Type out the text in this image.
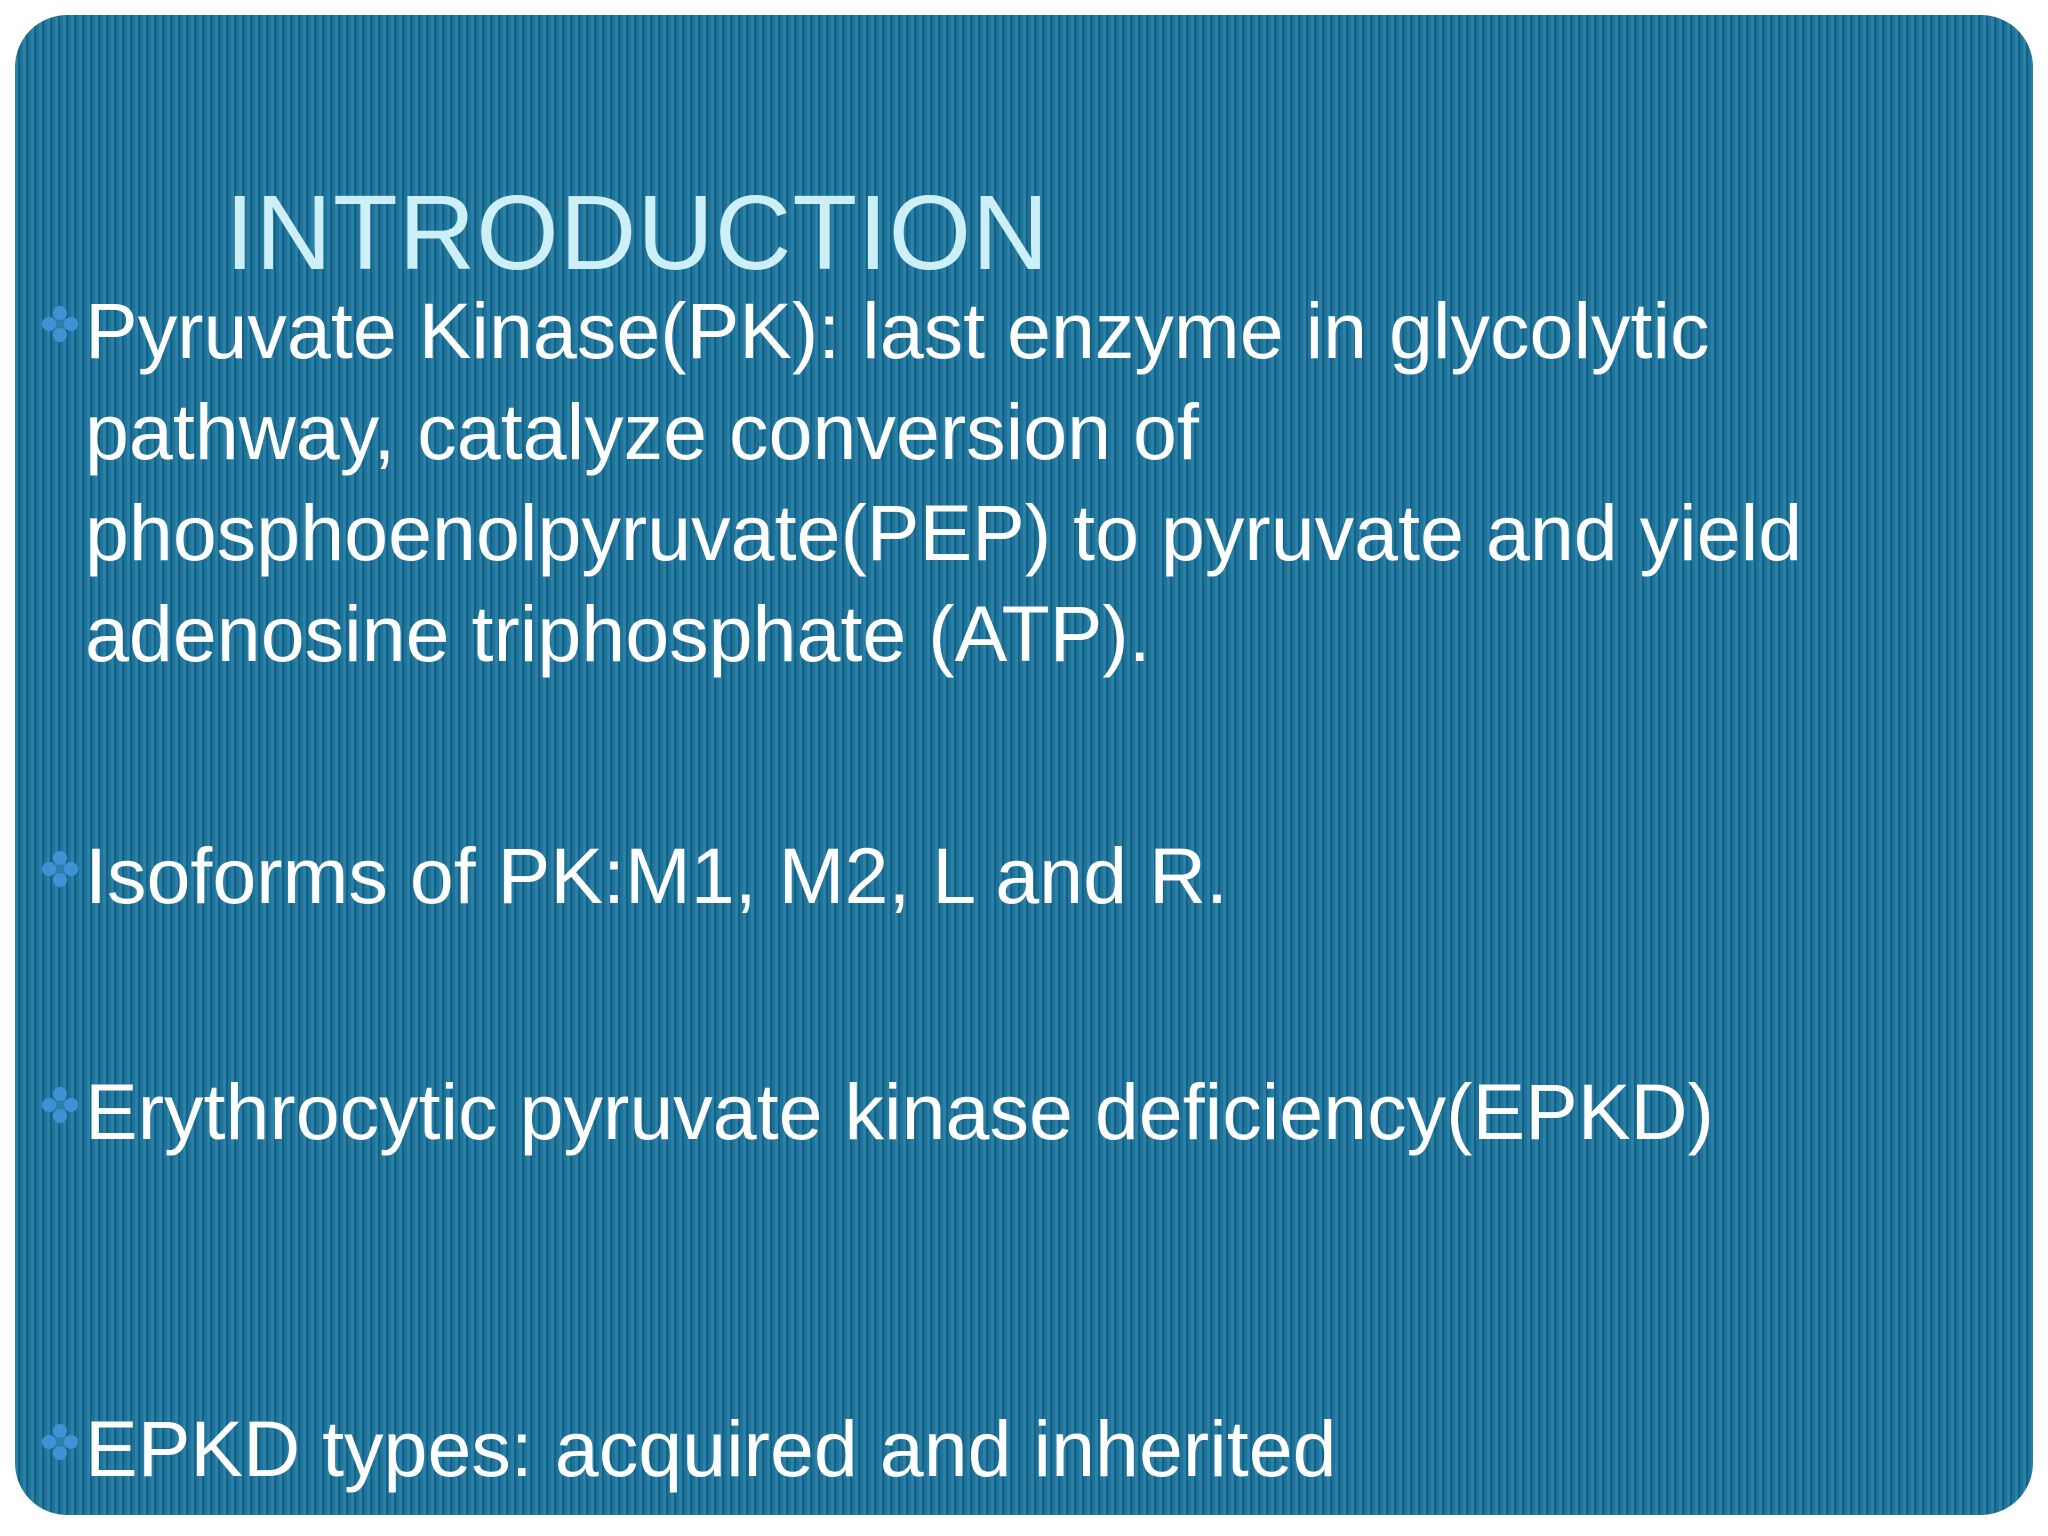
INTRODUCTION
Pyruvate Kinase(PK): last enzyme in glycolytic pathway, catalyze conversion of phosphoenolpyruvate(PEP) to pyruvate and yield adenosine triphosphate (ATP).
Isoforms of PK:M1, M2, L and R.
Erythrocytic pyruvate kinase deficiency(EPKD)
EPKD types: acquired and inherited
